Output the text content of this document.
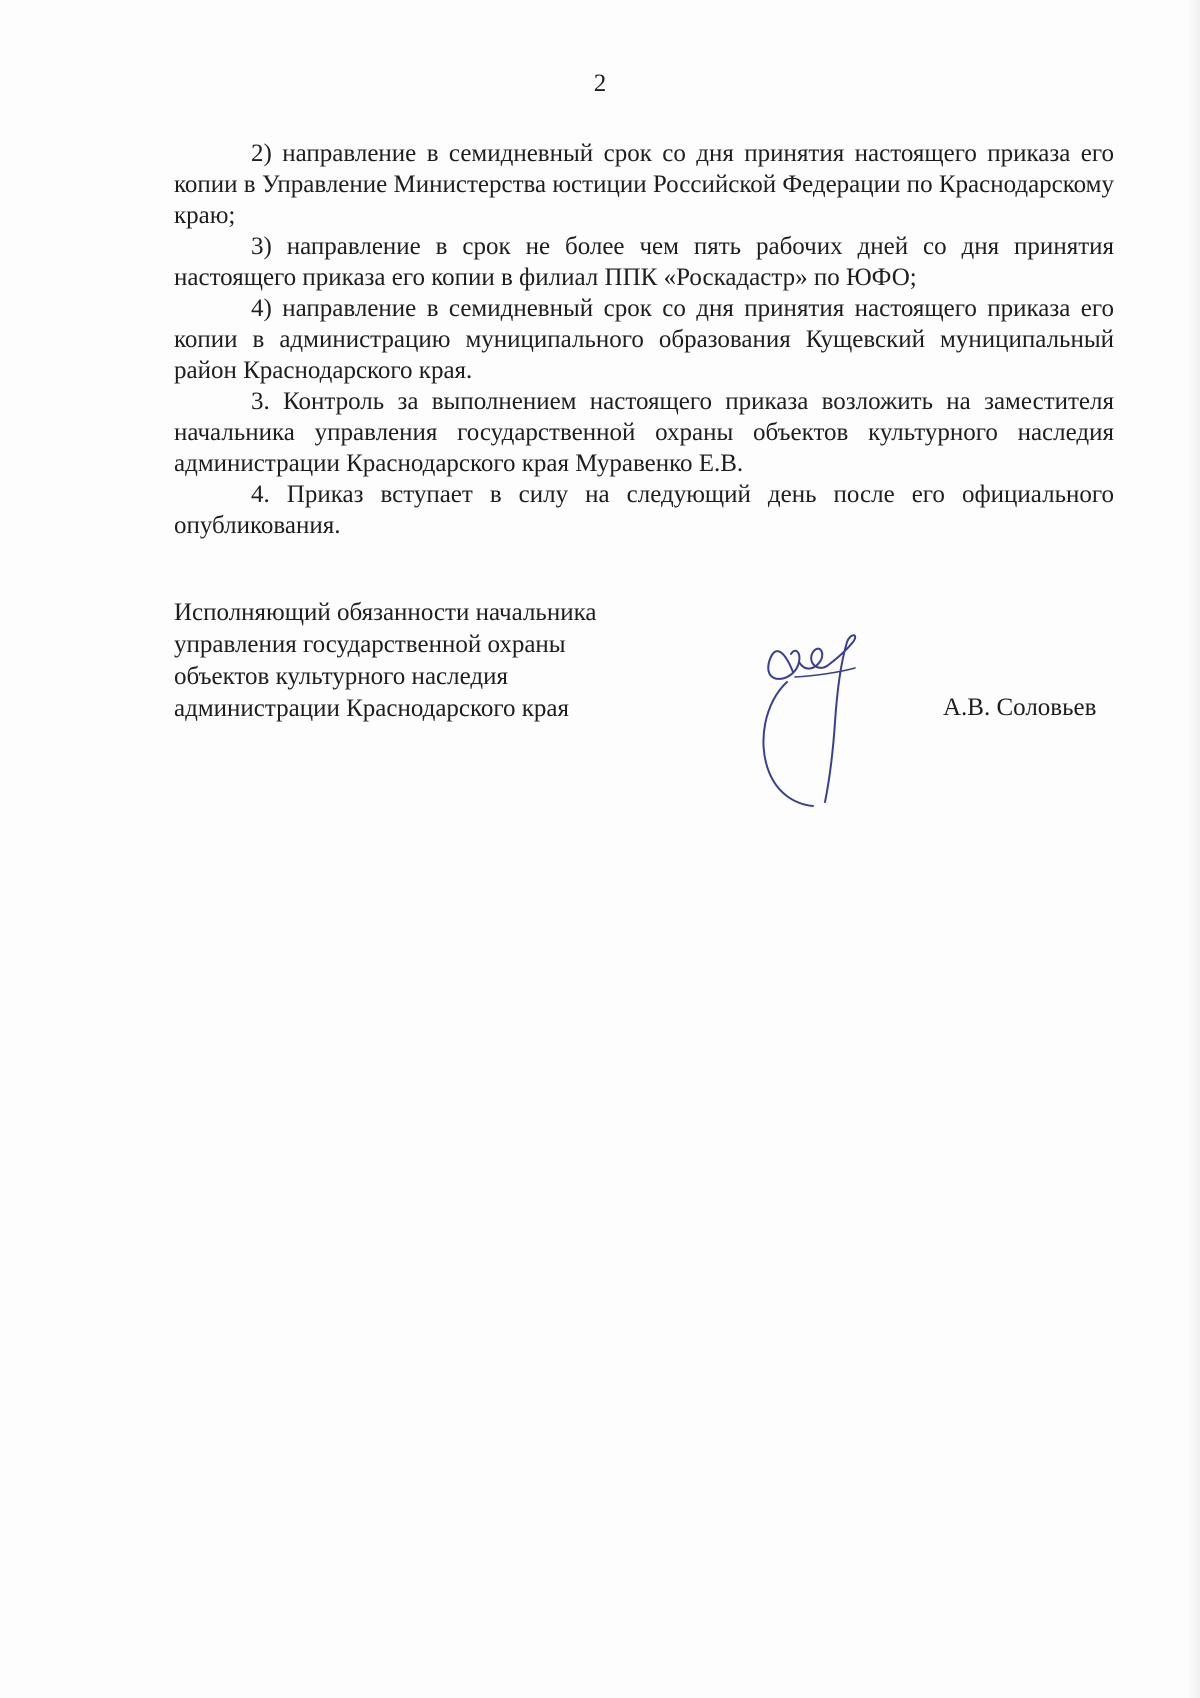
2

2) направление в семидневный срок со дня принятия настоящего приказа его копии в Управление Министерства юстиции Российской Федерации по Краснодарскому краю;

3) направление в срок не более чем пять рабочих дней со дня принятия настоящего приказа его копии в филиал ППК «Роскадастр» по ЮФО;

4) направление в семидневный срок со дня принятия настоящего приказа его копии в администрацию муниципального образования Кущевский муниципальный район Краснодарского края.

3. Контроль за выполнением настоящего приказа возложить на заместителя начальника управления государственной охраны объектов культурного наследия администрации Краснодарского края Муравенко Е.В.

4. Приказ вступает в силу на следующий день после его официального опубликования.

Исполняющий обязанности начальника
управления государственной охраны
объектов культурного наследия
администрации Краснодарского края	А.В. Соловьев
